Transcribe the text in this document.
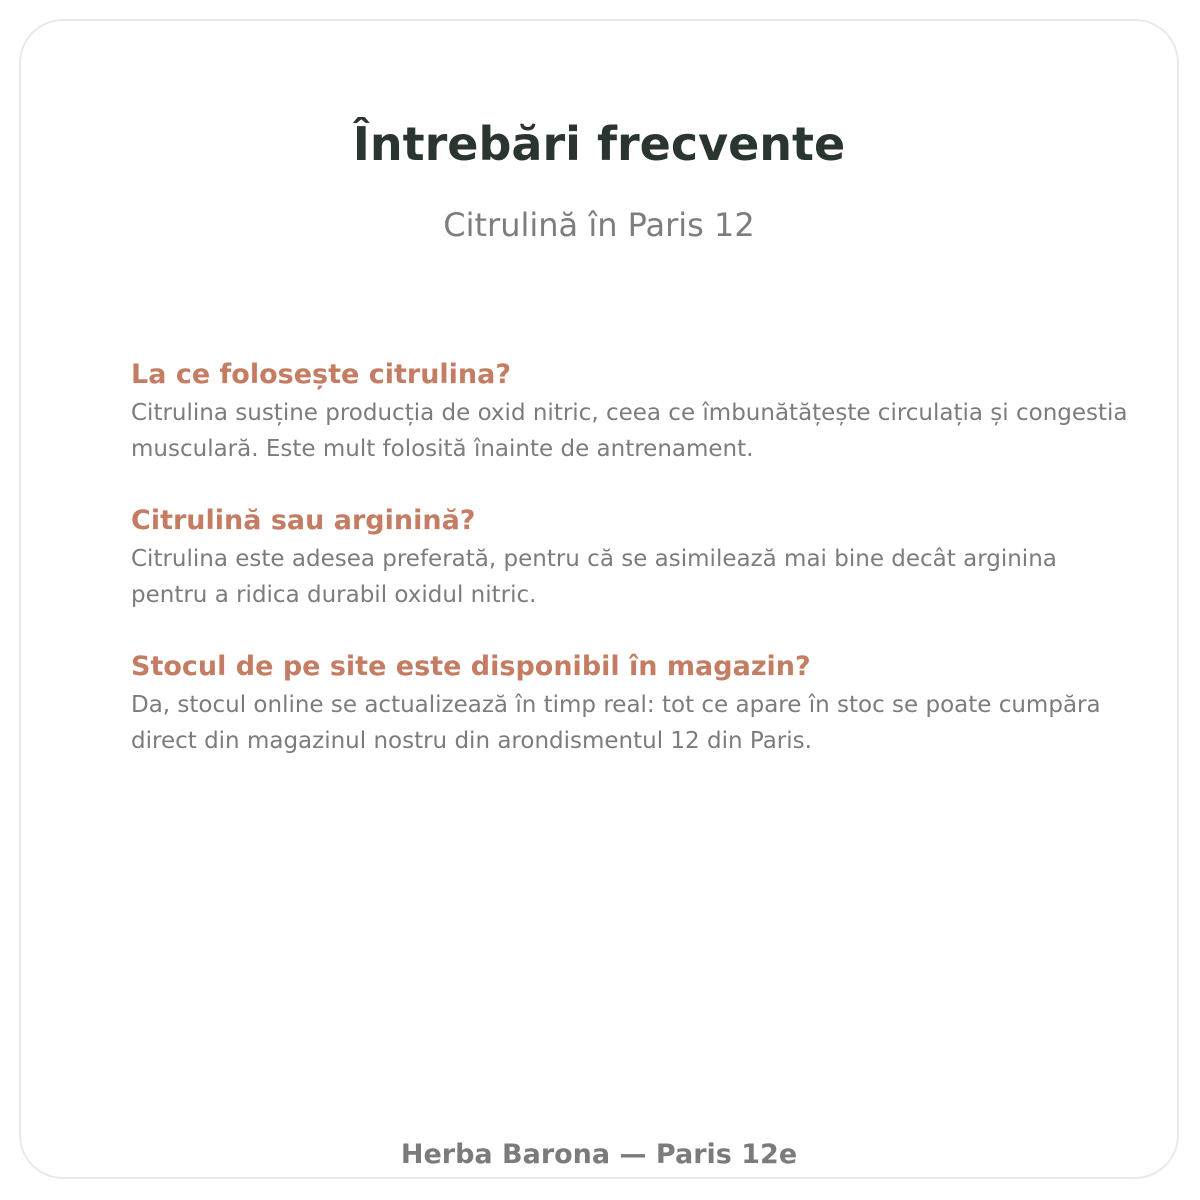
Întrebări frecvente
Citrulină în Paris 12
La ce folosește citrulina?

Citrulina susține producția de oxid nitric, ceea ce îmbunătățește circulația și congestia musculară. Este mult folosită înainte de antrenament.

Citrulină sau arginină?

Citrulina este adesea preferată, pentru că se asimilează mai bine decât arginina pentru a ridica durabil oxidul nitric.

Stocul de pe site este disponibil în magazin?

Da, stocul online se actualizează în timp real: tot ce apare în stoc se poate cumpăra direct din magazinul nostru din arondismentul 12 din Paris.

Herba Barona — Paris 12e
